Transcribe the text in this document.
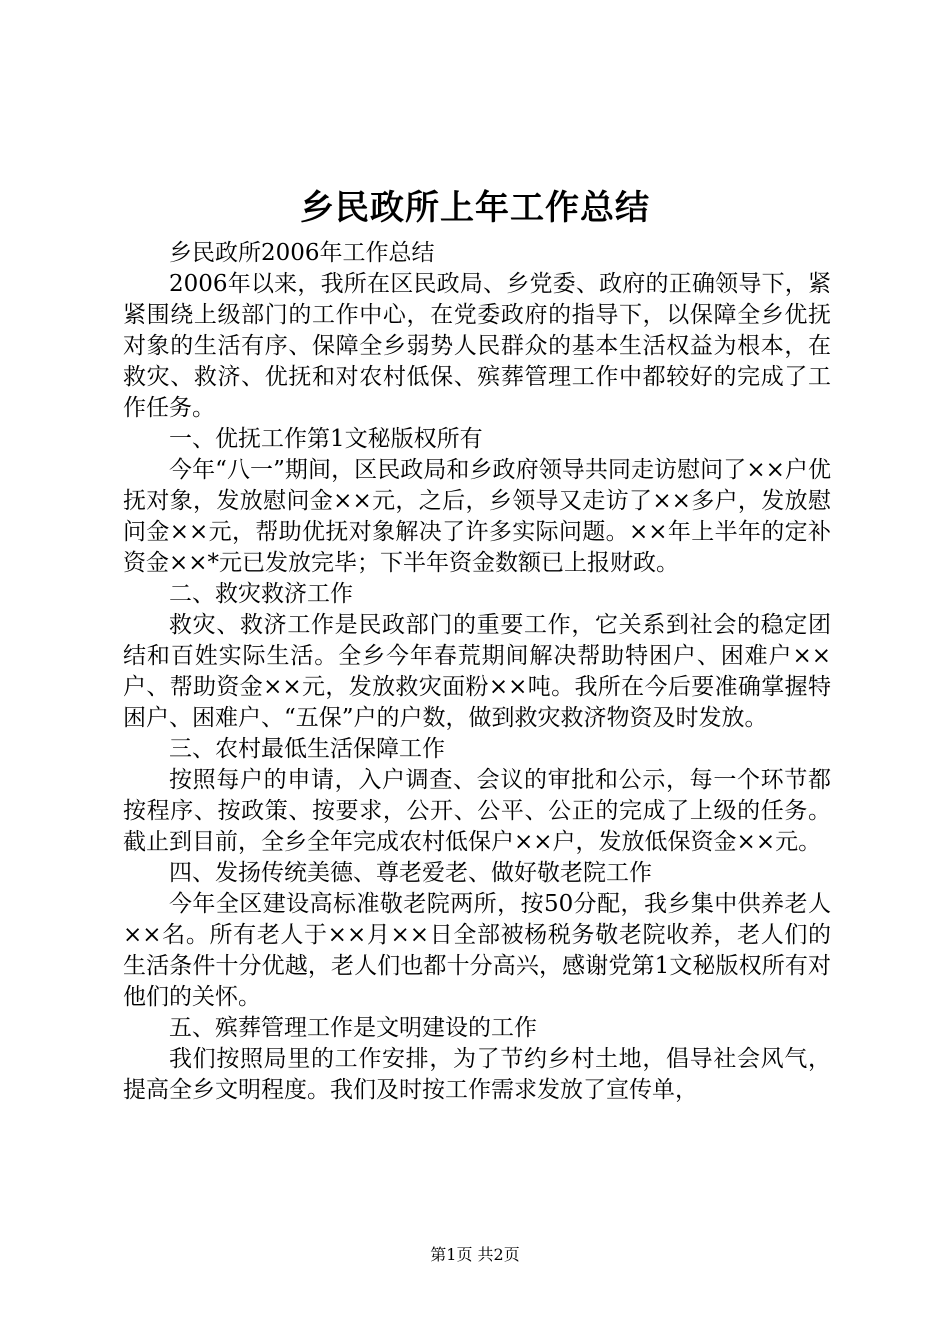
乡民政所上年工作总结

乡民政所2006年工作总结

2006年以来，我所在区民政局、乡党委、政府的正确领导下，紧紧围绕上级部门的工作中心，在党委政府的指导下，以保障全乡优抚对象的生活有序、保障全乡弱势人民群众的基本生活权益为根本，在救灾、救济、优抚和对农村低保、殡葬管理工作中都较好的完成了工作任务。

一、优抚工作第1文秘版权所有

今年“八一”期间，区民政局和乡政府领导共同走访慰问了××户优抚对象，发放慰问金××元，之后，乡领导又走访了××多户，发放慰问金××元，帮助优抚对象解决了许多实际问题。××年上半年的定补资金××*元已发放完毕；下半年资金数额已上报财政。

二、救灾救济工作

救灾、救济工作是民政部门的重要工作，它关系到社会的稳定团结和百姓实际生活。全乡今年春荒期间解决帮助特困户、困难户××户、帮助资金××元，发放救灾面粉××吨。我所在今后要准确掌握特困户、困难户、“五保”户的户数，做到救灾救济物资及时发放。

三、农村最低生活保障工作

按照每户的申请，入户调查、会议的审批和公示，每一个环节都按程序、按政策、按要求，公开、公平、公正的完成了上级的任务。截止到目前，全乡全年完成农村低保户××户，发放低保资金××元。

四、发扬传统美德、尊老爱老、做好敬老院工作

今年全区建设高标准敬老院两所，按50分配，我乡集中供养老人××名。所有老人于××月××日全部被杨税务敬老院收养，老人们的生活条件十分优越，老人们也都十分高兴，感谢党第1文秘版权所有对他们的关怀。

五、殡葬管理工作是文明建设的工作

我们按照局里的工作安排，为了节约乡村土地，倡导社会风气，提高全乡文明程度。我们及时按工作需求发放了宣传单，

第1页 共2页
